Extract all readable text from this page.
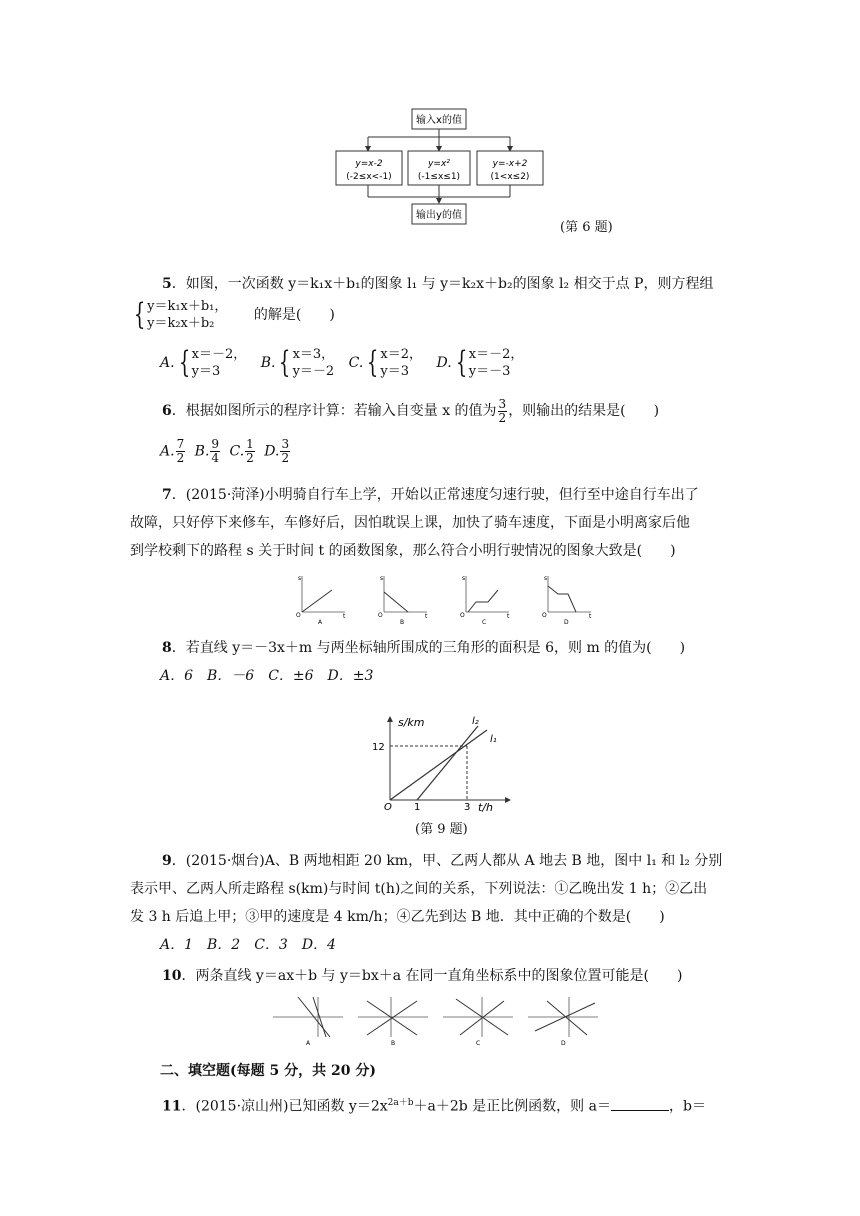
输入x的值
y=x-2
(-2≤x<-1)
y=x²
(-1≤x≤1)
y=-x+2
(1<x≤2)
输出y的值
(第 6 题)
5．如图，一次函数 y＝k₁x＋b₁的图象 l₁ 与 y＝k₂x＋b₂的图象 l₂ 相交于点 P，则方程组
{ y＝k₁x＋b₁，
y＝k₂x＋b₂ 的解是(　　)
A. { x＝－2，
y＝3 B. { x＝3，
y＝－2 C. { x＝2，
y＝3 D. { x＝－2，
y＝－3
6．根据如图所示的程序计算：若输入自变量 x 的值为 $\frac{3}{2}$ ，则输出的结果是(　　)
A. $\frac{7}{2} B$. $\frac{9}{4} C$. $\frac{1}{2} D$. $\frac{3}{2}$
7．(2015·菏泽)小明骑自行车上学，开始以正常速度匀速行驶，但行至中途自行车出了
故障，只好停下来修车，车修好后，因怕耽误上课，加快了骑车速度，下面是小明离家后他
到学校剩下的路程 s 关于时间 t 的函数图象，那么符合小明行驶情况的图象大致是(　　)
s
t
O
A
s
t
O
B
s
t
O
C
s
t
O
D
8．若直线 y＝－3x＋m 与两坐标轴所围成的三角形的面积是 6，则 m 的值为(　　)
A．6　B．－6　C．±6　D．±3
s/km
t/h
12
1	3
O
l₂
l₁
(第 9 题)
9．(2015·烟台)A、B 两地相距 20 km，甲、乙两人都从 A 地去 B 地，图中 l₁ 和 l₂ 分别
表示甲、乙两人所走路程 s(km)与时间 t(h)之间的关系，下列说法：①乙晚出发 1 h；②乙出
发 3 h 后追上甲；③甲的速度是 4 km/h；④乙先到达 B 地．其中正确的个数是(　　)
A．1　B．2　C．3　D．4
10．两条直线 y＝ax＋b 与 y＝bx＋a 在同一直角坐标系中的图象位置可能是(　　)
A	B	C	D
二、填空题(每题 5 分，共 20 分)
11．(2015·凉山州)已知函数 $y=2x^{2a+b}+a+2b$ 是正比例函数，则 a＝	，b＝
